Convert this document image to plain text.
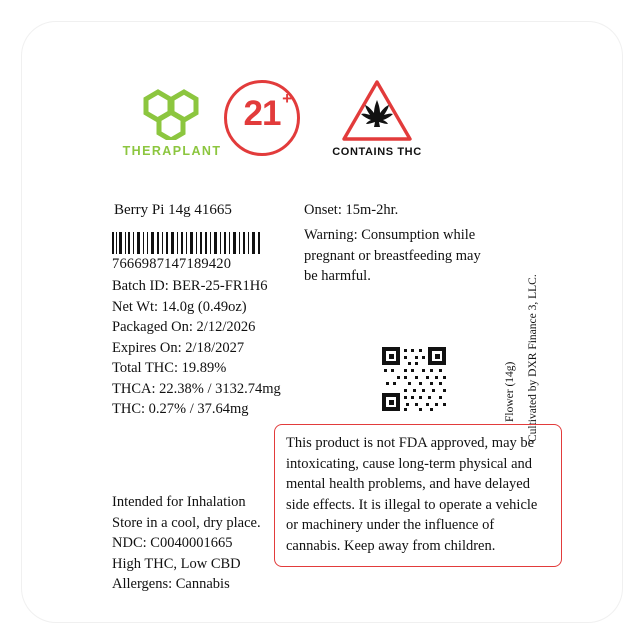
THERAPLANT
21 +
CONTAINS THC
Berry Pi 14g 41665
7666987147189420
Batch ID: BER-25-FR1H6
Net Wt: 14.0g (0.49oz)
Packaged On: 2/12/2026
Expires On: 2/18/2027
Total THC: 19.89%
THCA: 22.38% / 3132.74mg
THC: 0.27% / 37.64mg
Intended for Inhalation
Store in a cool, dry place.
NDC: C0040001665
High THC, Low CBD
Allergens: Cannabis
Onset: 15m-2hr.
Warning: Consumption while pregnant or breastfeeding may be harmful.
Flower (14g) Cultivated by DXR Finance 3, LLC.
This product is not FDA approved, may be intoxicating, cause long-term physical and mental health problems, and have delayed side effects. It is illegal to operate a vehicle or machinery under the influence of cannabis. Keep away from children.
